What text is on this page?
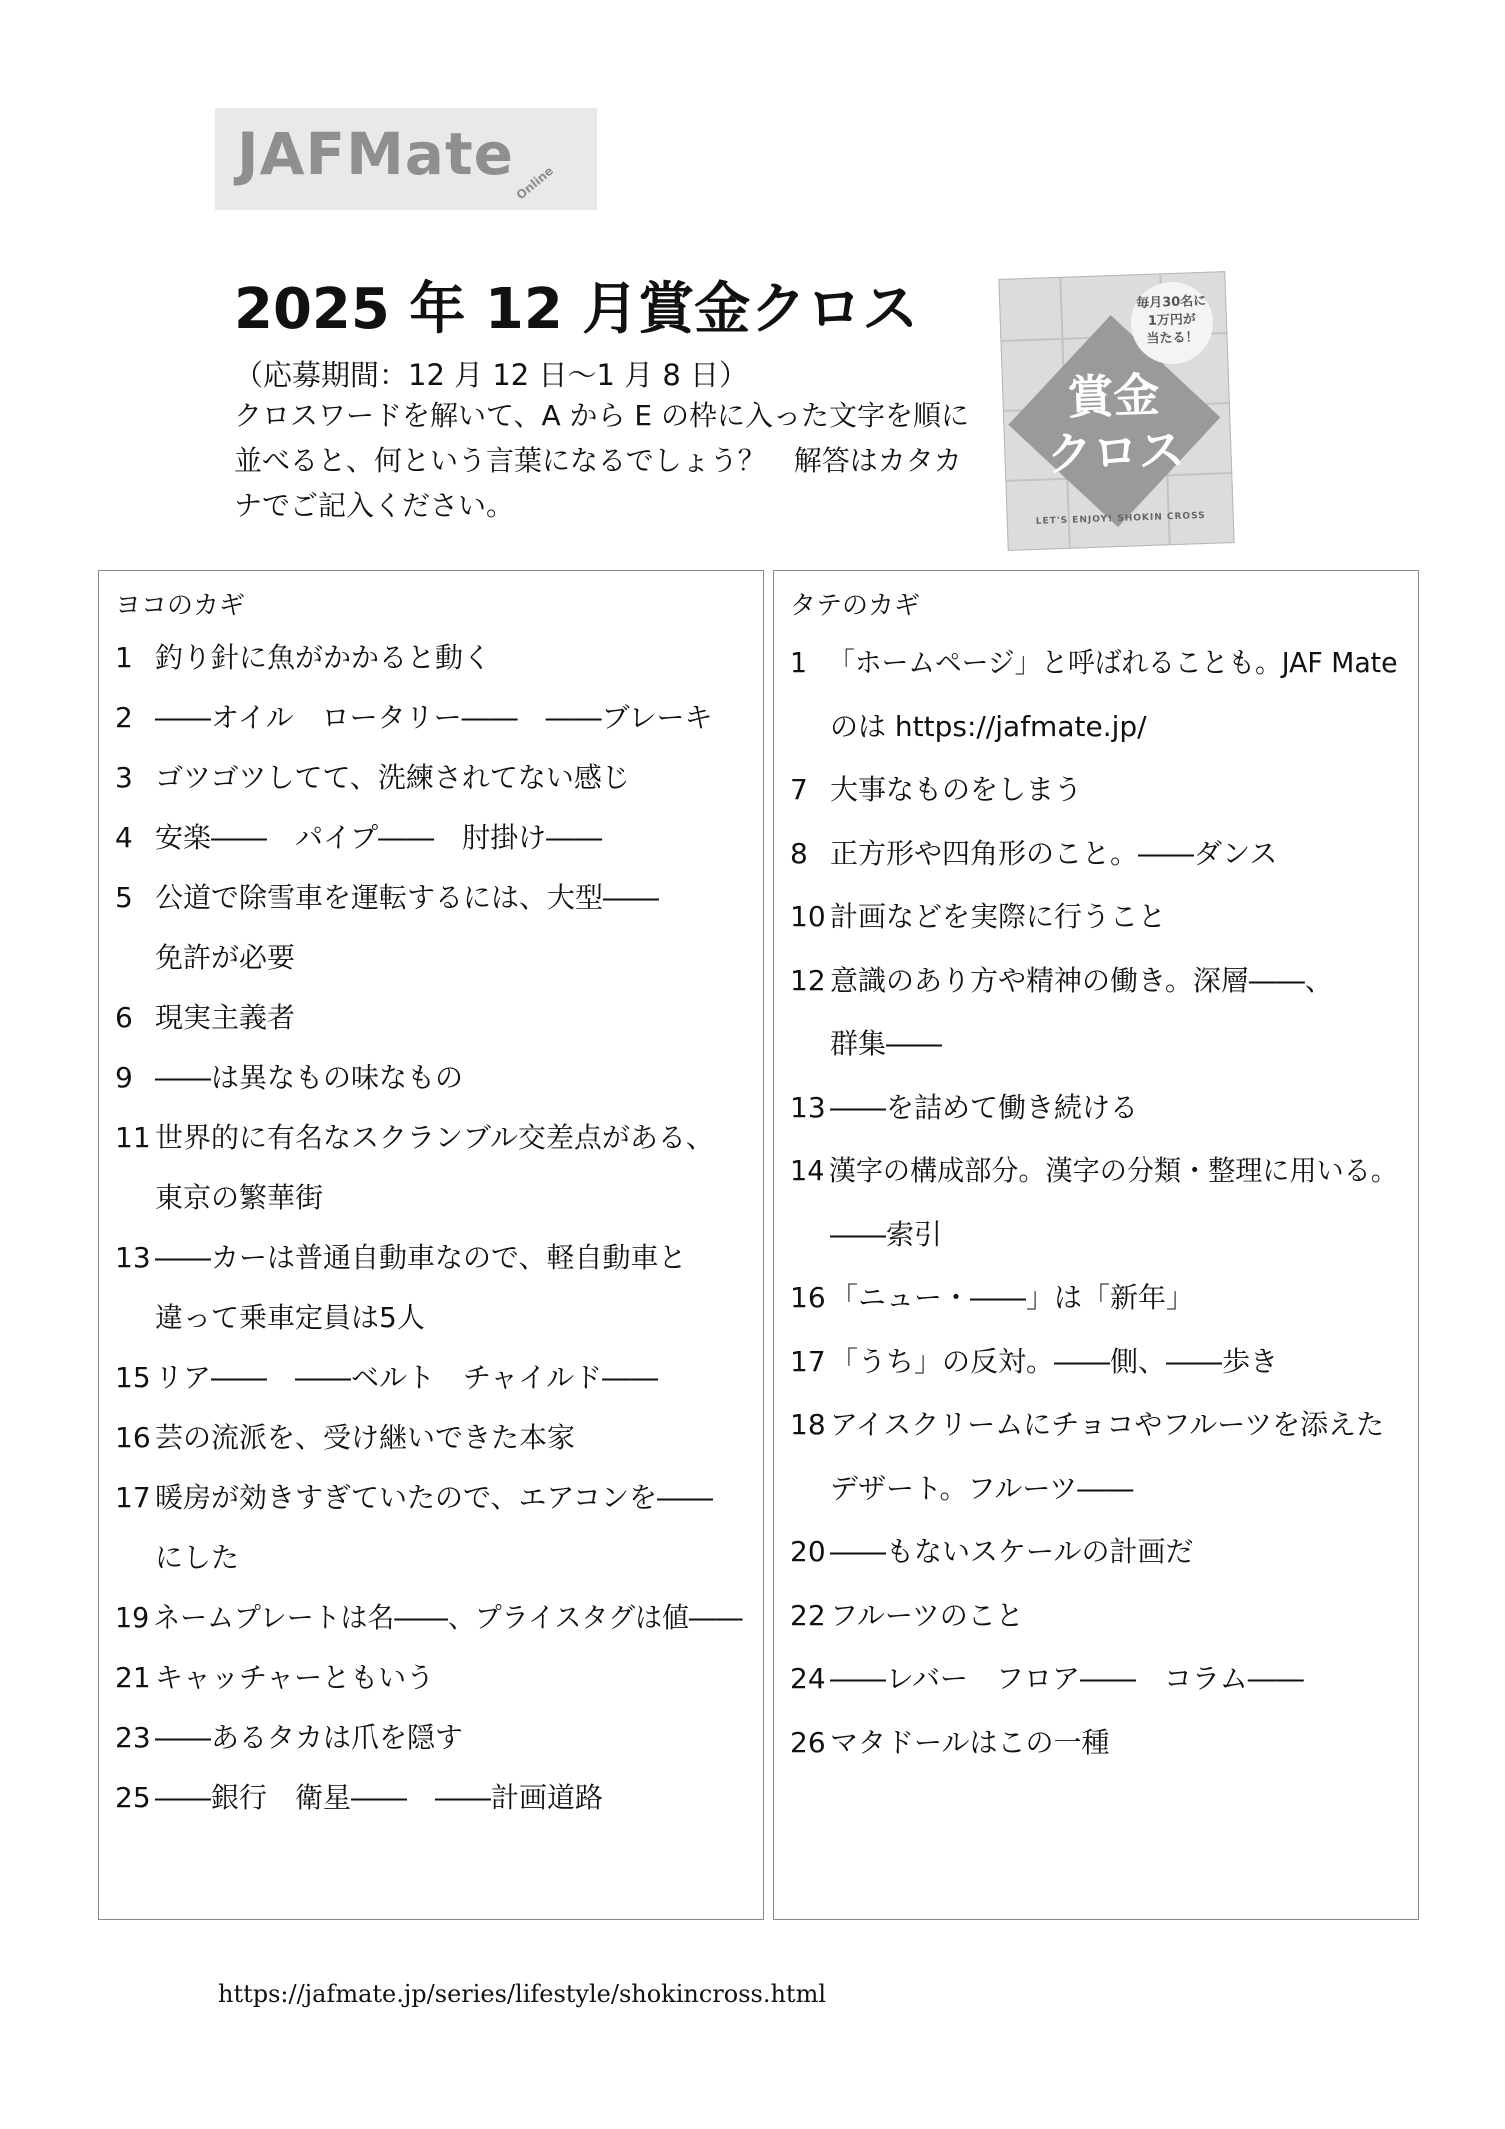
JAFMate Online
2025 年 12 月賞金クロス
（応募期間：12 月 12 日～1 月 8 日）
クロスワードを解いて、A から E の枠に入った文字を順に並べると、何という言葉になるでしょう？　解答はカタカナでご記入ください。
毎月30名に
1万円が
当たる！
賞金
クロス
LET'S ENJOY! SHOKIN CROSS
ヨコのカギ
1 釣り針に魚がかかると動く
2 ――オイル　ロータリー――　――ブレーキ
3 ゴツゴツしてて、洗練されてない感じ
4 安楽――　パイプ――　肘掛け――
5 公道で除雪車を運転するには、大型――
免許が必要
6 現実主義者
9 ――は異なもの味なもの
11 世界的に有名なスクランブル交差点がある、
東京の繁華街
13 ――カーは普通自動車なので、軽自動車と
違って乗車定員は5人
15 リア――　――ベルト　チャイルド――
16 芸の流派を、受け継いできた本家
17 暖房が効きすぎていたので、エアコンを――
にした
19 ネームプレートは名――、プライスタグは値――
21 キャッチャーともいう
23 ――あるタカは爪を隠す
25 ――銀行　衛星――　――計画道路
タテのカギ
1 「ホームページ」と呼ばれることも。JAF Mate
のは https://jafmate.jp/
7 大事なものをしまう
8 正方形や四角形のこと。――ダンス
10 計画などを実際に行うこと
12 意識のあり方や精神の働き。深層――、
群集――
13 ――を詰めて働き続ける
14 漢字の構成部分。漢字の分類・整理に用いる。
――索引
16 「ニュー・――」は「新年」
17 「うち」の反対。――側、――歩き
18 アイスクリームにチョコやフルーツを添えた
デザート。フルーツ――
20 ――もないスケールの計画だ
22 フルーツのこと
24 ――レバー　フロア――　コラム――
26 マタドールはこの一種
https://jafmate.jp/series/lifestyle/shokincross.html
